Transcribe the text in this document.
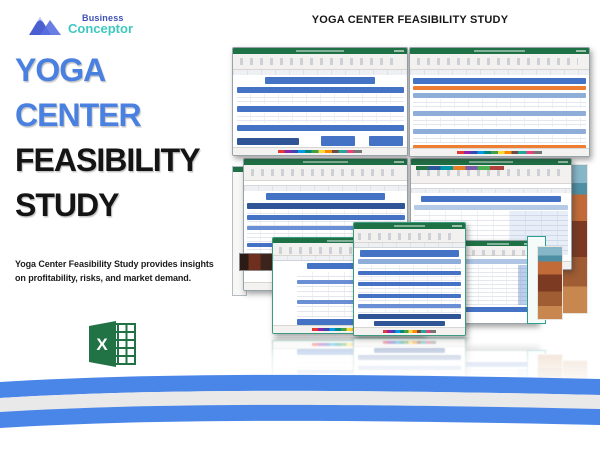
Business
Conceptor
YOGA CENTER FEASIBILITY STUDY
YOGA
CENTER
FEASIBILITY
STUDY
Yoga Center Feasibility Study provides insights
on profitability, risks, and market demand.
X
